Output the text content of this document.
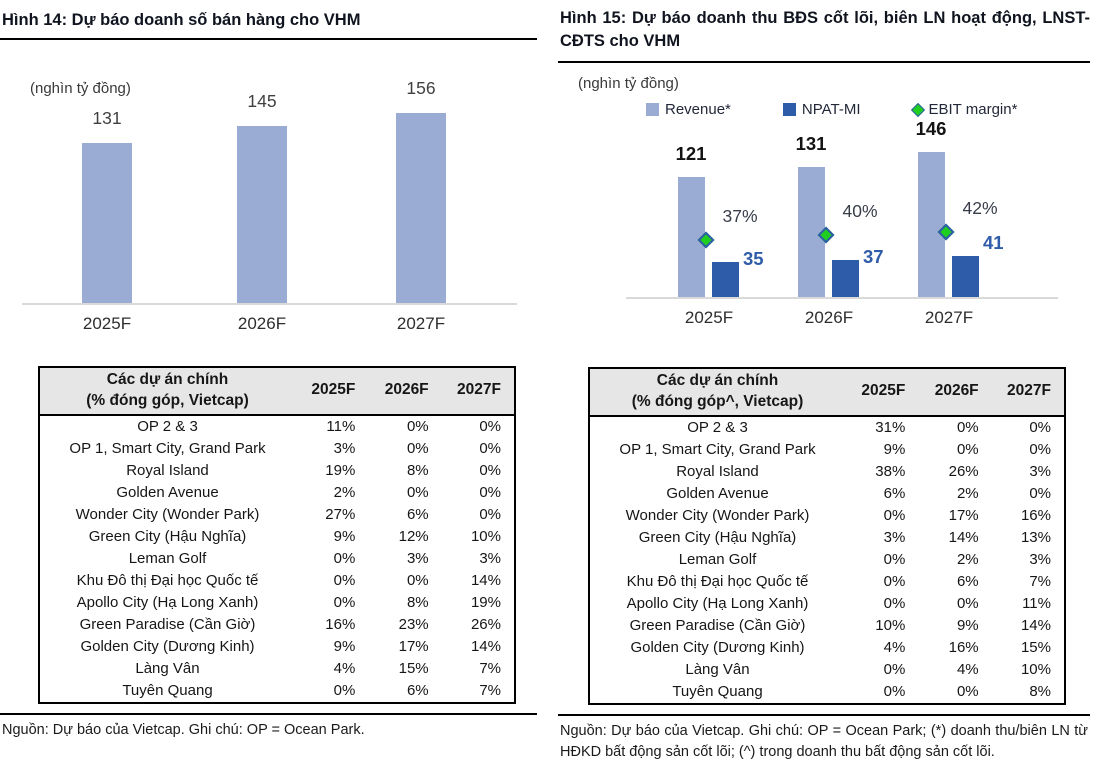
Hình 14: Dự báo doanh số bán hàng cho VHM
(nghìn tỷ đồng)
131
2025F
145
2026F
156
2027F
Các dự án chính
(% đóng góp, Vietcap)	2025F	2026F	2027F
OP 2 & 3	11%	0%	0%
OP 1, Smart City, Grand Park	3%	0%	0%
Royal Island	19%	8%	0%
Golden Avenue	2%	0%	0%
Wonder City (Wonder Park)	27%	6%	0%
Green City (Hậu Nghĩa)	9%	12%	10%
Leman Golf	0%	3%	3%
Khu Đô thị Đại học Quốc tế	0%	0%	14%
Apollo City (Hạ Long Xanh)	0%	8%	19%
Green Paradise (Cần Giờ)	16%	23%	26%
Golden City (Dương Kinh)	9%	17%	14%
Làng Vân	4%	15%	7%
Tuyên Quang	0%	6%	7%

Nguồn: Dự báo của Vietcap. Ghi chú: OP = Ocean Park.

Hình 15: Dự báo doanh thu BĐS cốt lõi, biên LN hoạt động, LNST-CĐTS cho VHM
(nghìn tỷ đồng)
Revenue*	NPAT-MI	EBIT margin*
121
35
37%
2025F
131
37
40%
2026F
146
41
42%
2027F
Các dự án chính
(% đóng góp^, Vietcap)	2025F	2026F	2027F
OP 2 & 3	31%	0%	0%
OP 1, Smart City, Grand Park	9%	0%	0%
Royal Island	38%	26%	3%
Golden Avenue	6%	2%	0%
Wonder City (Wonder Park)	0%	17%	16%
Green City (Hậu Nghĩa)	3%	14%	13%
Leman Golf	0%	2%	3%
Khu Đô thị Đại học Quốc tế	0%	6%	7%
Apollo City (Hạ Long Xanh)	0%	0%	11%
Green Paradise (Cần Giờ)	10%	9%	14%
Golden City (Dương Kinh)	4%	16%	15%
Làng Vân	0%	4%	10%
Tuyên Quang	0%	0%	8%

Nguồn: Dự báo của Vietcap. Ghi chú: OP = Ocean Park; (*) doanh thu/biên LN từ HĐKD bất động sản cốt lõi; (^) trong doanh thu bất động sản cốt lõi.
